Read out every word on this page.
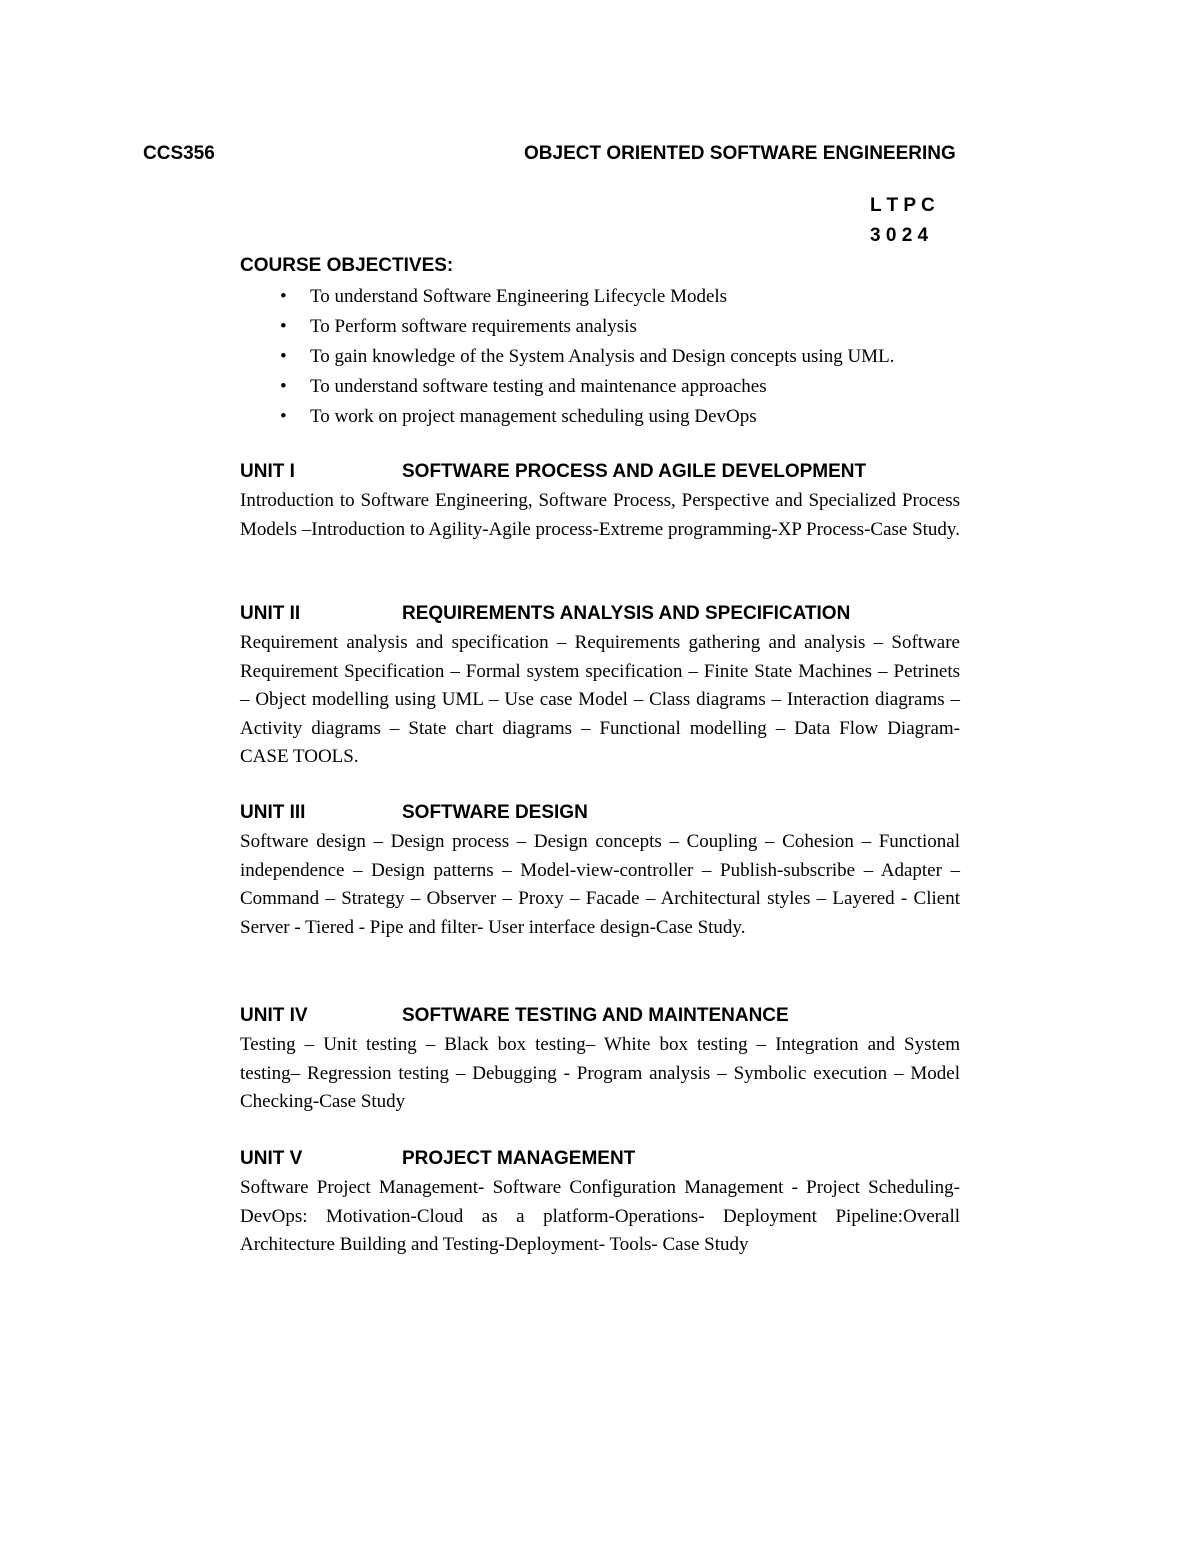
CCS356	OBJECT ORIENTED SOFTWARE ENGINEERING
L T P C
3 0 2 4
COURSE OBJECTIVES:
• To understand Software Engineering Lifecycle Models
• To Perform software requirements analysis
• To gain knowledge of the System Analysis and Design concepts using UML.
• To understand software testing and maintenance approaches
• To work on project management scheduling using DevOps
UNIT I	SOFTWARE PROCESS AND AGILE DEVELOPMENT

Introduction to Software Engineering, Software Process, Perspective and Specialized Process Models –Introduction to Agility-Agile process-Extreme programming-XP Process-Case Study.

UNIT II	REQUIREMENTS ANALYSIS AND SPECIFICATION

Requirement analysis and specification – Requirements gathering and analysis – Software Requirement Specification – Formal system specification – Finite State Machines – Petrinets – Object modelling using UML – Use case Model – Class diagrams – Interaction diagrams – Activity diagrams – State chart diagrams – Functional modelling – Data Flow Diagram- CASE TOOLS.

UNIT III	SOFTWARE DESIGN

Software design – Design process – Design concepts – Coupling – Cohesion – Functional independence – Design patterns – Model-view-controller – Publish-subscribe – Adapter – Command – Strategy – Observer – Proxy – Facade – Architectural styles – Layered - Client Server - Tiered - Pipe and filter- User interface design-Case Study.

UNIT IV	SOFTWARE TESTING AND MAINTENANCE

Testing – Unit testing – Black box testing– White box testing – Integration and System testing– Regression testing – Debugging - Program analysis – Symbolic execution – Model Checking-Case Study

UNIT V	PROJECT MANAGEMENT

Software Project Management- Software Configuration Management - Project Scheduling- DevOps: Motivation-Cloud as a platform-Operations- Deployment Pipeline:Overall Architecture Building and Testing-Deployment- Tools- Case Study
